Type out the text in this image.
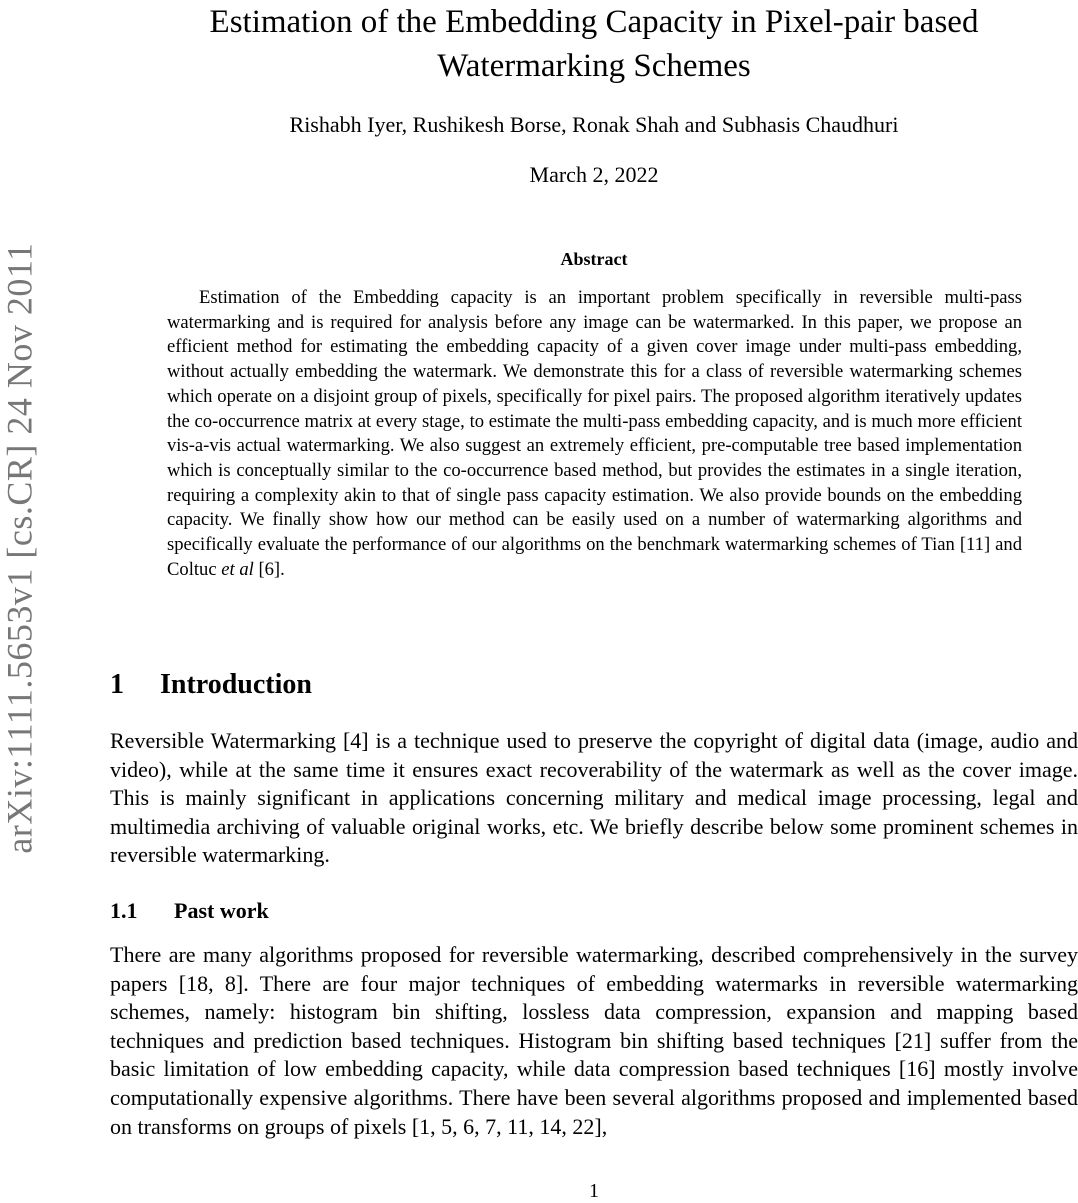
arXiv:1111.5653v1 [cs.CR] 24 Nov 2011
Estimation of the Embedding Capacity in Pixel-pair based
Watermarking Schemes
Rishabh Iyer, Rushikesh Borse, Ronak Shah and Subhasis Chaudhuri
March 2, 2022
Abstract

Estimation of the Embedding capacity is an important problem specifically in reversible multi-pass watermarking and is required for analysis before any image can be watermarked. In this paper, we propose an efficient method for estimating the embedding capacity of a given cover image under multi-pass embedding, without actually embedding the watermark. We demonstrate this for a class of reversible watermarking schemes which operate on a disjoint group of pixels, specifically for pixel pairs. The proposed algorithm iteratively updates the co-occurrence matrix at every stage, to estimate the multi-pass embedding capacity, and is much more efficient vis-a-vis actual watermarking. We also suggest an extremely efficient, pre-computable tree based implementation which is conceptually similar to the co-occurrence based method, but provides the estimates in a single iteration, requiring a complexity akin to that of single pass capacity estimation. We also provide bounds on the embedding capacity. We finally show how our method can be easily used on a number of watermarking algorithms and specifically evaluate the performance of our algorithms on the benchmark watermarking schemes of Tian [11] and Coltuc et al [6].

1 Introduction

Reversible Watermarking [4] is a technique used to preserve the copyright of digital data (image, audio and video), while at the same time it ensures exact recoverability of the watermark as well as the cover image. This is mainly significant in applications concerning military and medical image processing, legal and multimedia archiving of valuable original works, etc. We briefly describe below some prominent schemes in reversible watermarking.

1.1 Past work

There are many algorithms proposed for reversible watermarking, described comprehensively in the survey papers [18, 8]. There are four major techniques of embedding watermarks in reversible watermarking schemes, namely: histogram bin shifting, lossless data compression, expansion and mapping based techniques and prediction based techniques. Histogram bin shifting based techniques [21] suffer from the basic limitation of low embedding capacity, while data compression based techniques [16] mostly involve computationally expensive algorithms. There have been several algorithms proposed and implemented based on transforms on groups of pixels [1, 5, 6, 7, 11, 14, 22],

1
